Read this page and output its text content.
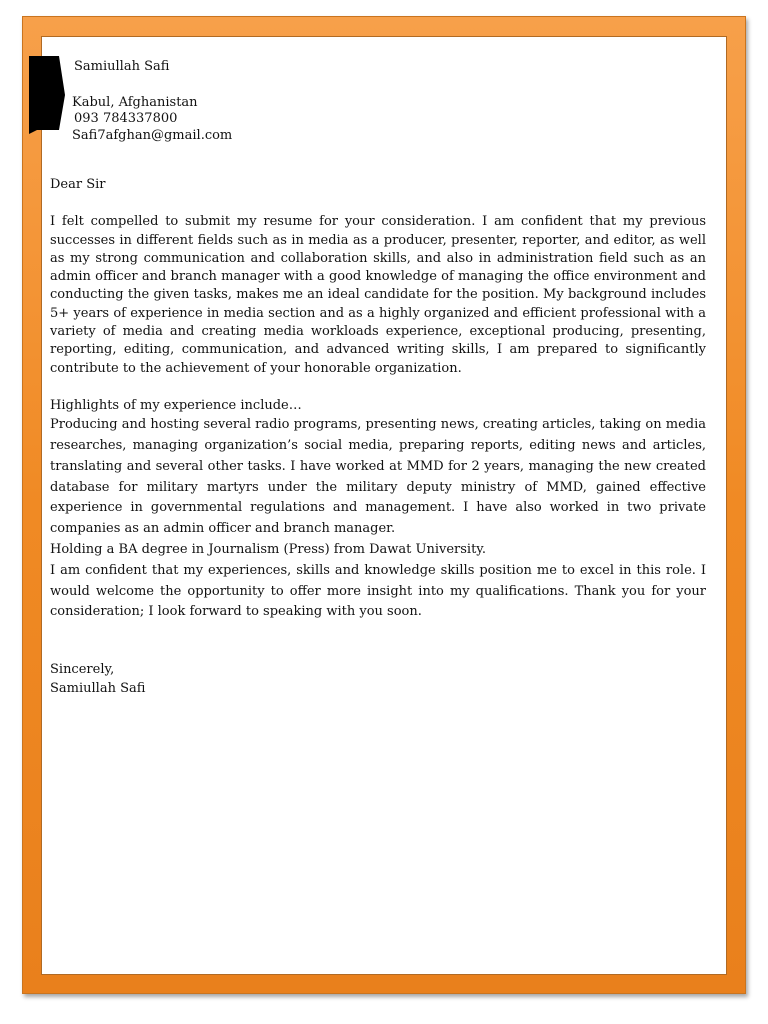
Samiullah Safi
Kabul, Afghanistan
093 784337800
Safi7afghan@gmail.com

Dear Sir

I felt compelled to submit my resume for your consideration. I am confident that my previous successes in different fields such as in media as a producer, presenter, reporter, and editor, as well as my strong communication and collaboration skills, and also in administration field such as an admin officer and branch manager with a good knowledge of managing the office environment and conducting the given tasks, makes me an ideal candidate for the position. My background includes 5+ years of experience in media section and as a highly organized and efficient professional with a variety of media and creating media workloads experience, exceptional producing, presenting, reporting, editing, communication, and advanced writing skills, I am prepared to significantly contribute to the achievement of your honorable organization.

Highlights of my experience include…

Producing and hosting several radio programs, presenting news, creating articles, taking on media researches, managing organization’s social media, preparing reports, editing news and articles, translating and several other tasks. I have worked at MMD for 2 years, managing the new created database for military martyrs under the military deputy ministry of MMD, gained effective experience in governmental regulations and management. I have also worked in two private companies as an admin officer and branch manager.

Holding a BA degree in Journalism (Press) from Dawat University.

I am confident that my experiences, skills and knowledge skills position me to excel in this role. I would welcome the opportunity to offer more insight into my qualifications. Thank you for your consideration; I look forward to speaking with you soon.

Sincerely,

Samiullah Safi
